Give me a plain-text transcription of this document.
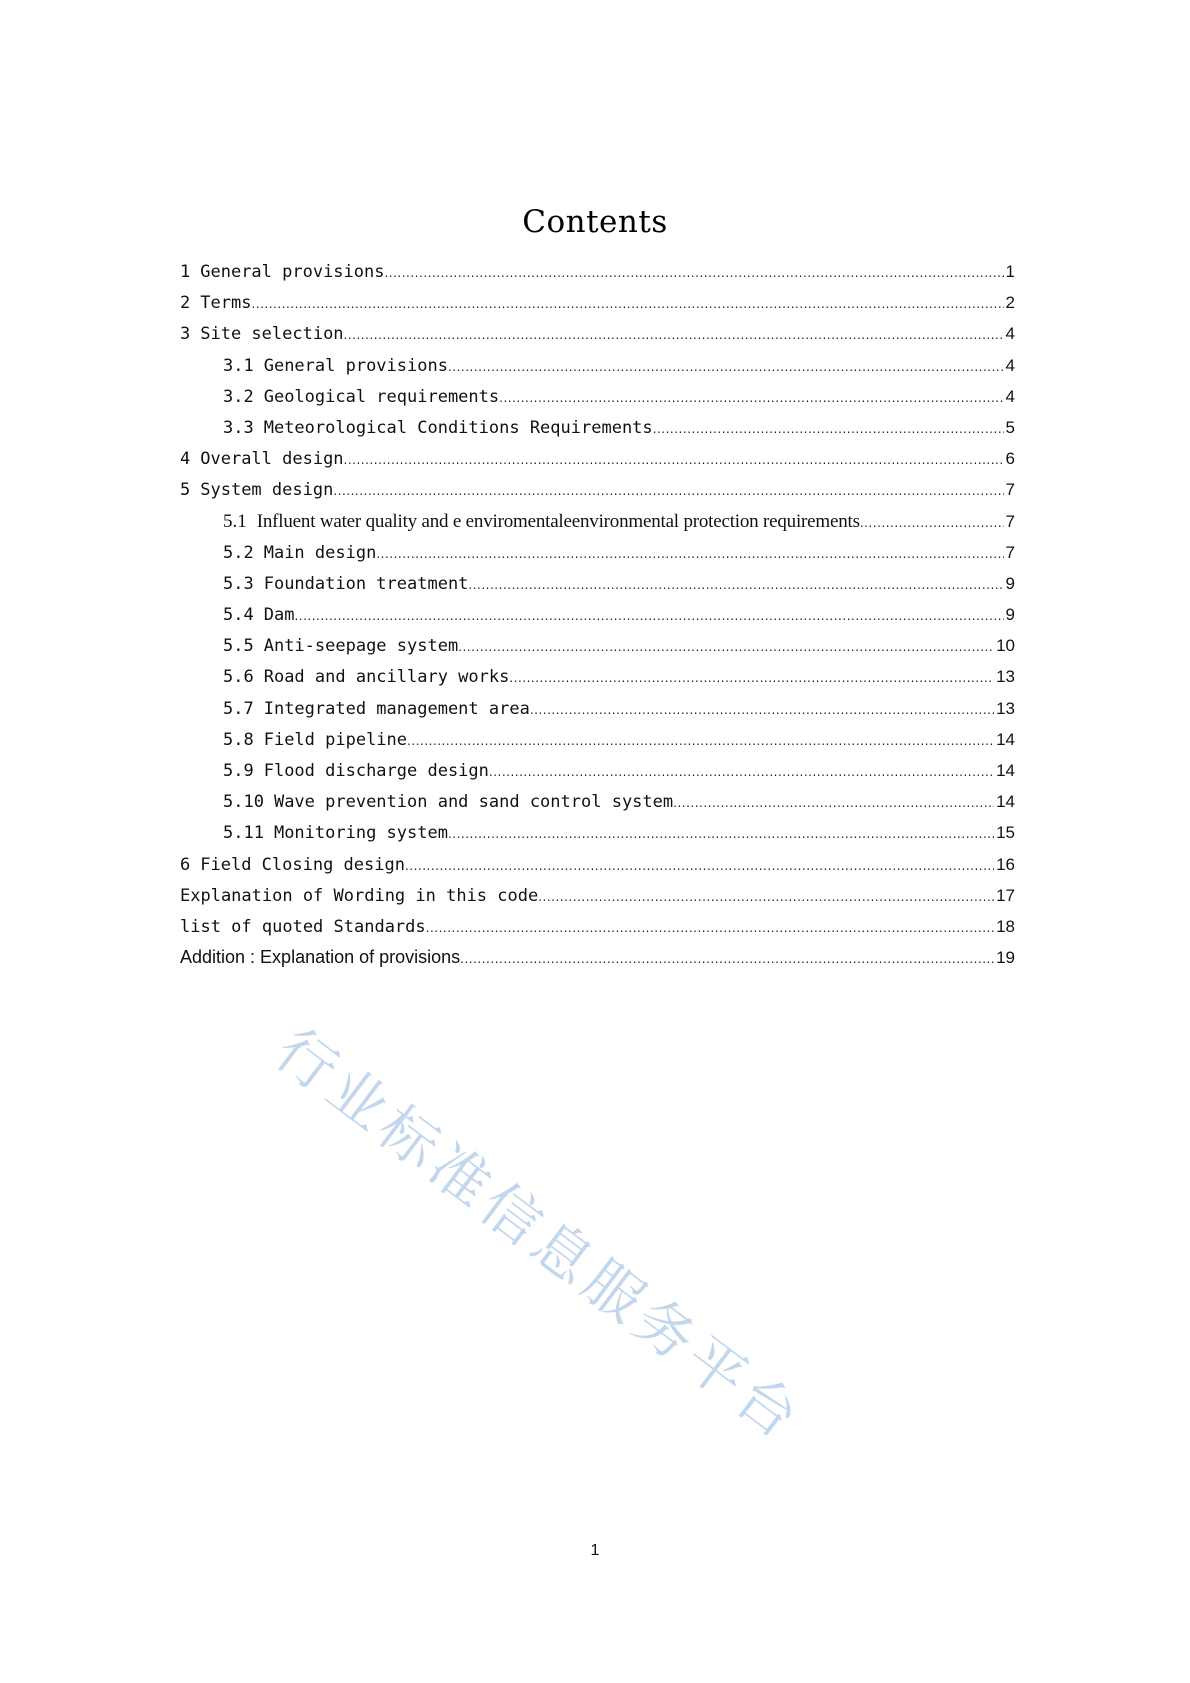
Contents
1 General provisions .....	1
2 Terms .....	2
3 Site selection .....	4
3.1 General provisions .....	4
3.2 Geological requirements .....	4
3.3 Meteorological Conditions Requirements .....	5
4 Overall design .....	6
5 System design .....	7
5.1 Influent water quality and e enviromentaleenvironmental protection requirements .....	7
5.2 Main design .....	7
5.3 Foundation treatment .....	9
5.4 Dam .....	9
5.5 Anti-seepage system .....	10
5.6 Road and ancillary works .....	13
5.7 Integrated management area .....	13
5.8 Field pipeline .....	14
5.9 Flood discharge design .....	14
5.10 Wave prevention and sand control system .....	14
5.11 Monitoring system .....	15
6 Field Closing design .....	16
Explanation of Wording in this code .....	17
list of quoted Standards .....	18
Addition : Explanation of provisions .....	19
行业标准信息服务平台
1
